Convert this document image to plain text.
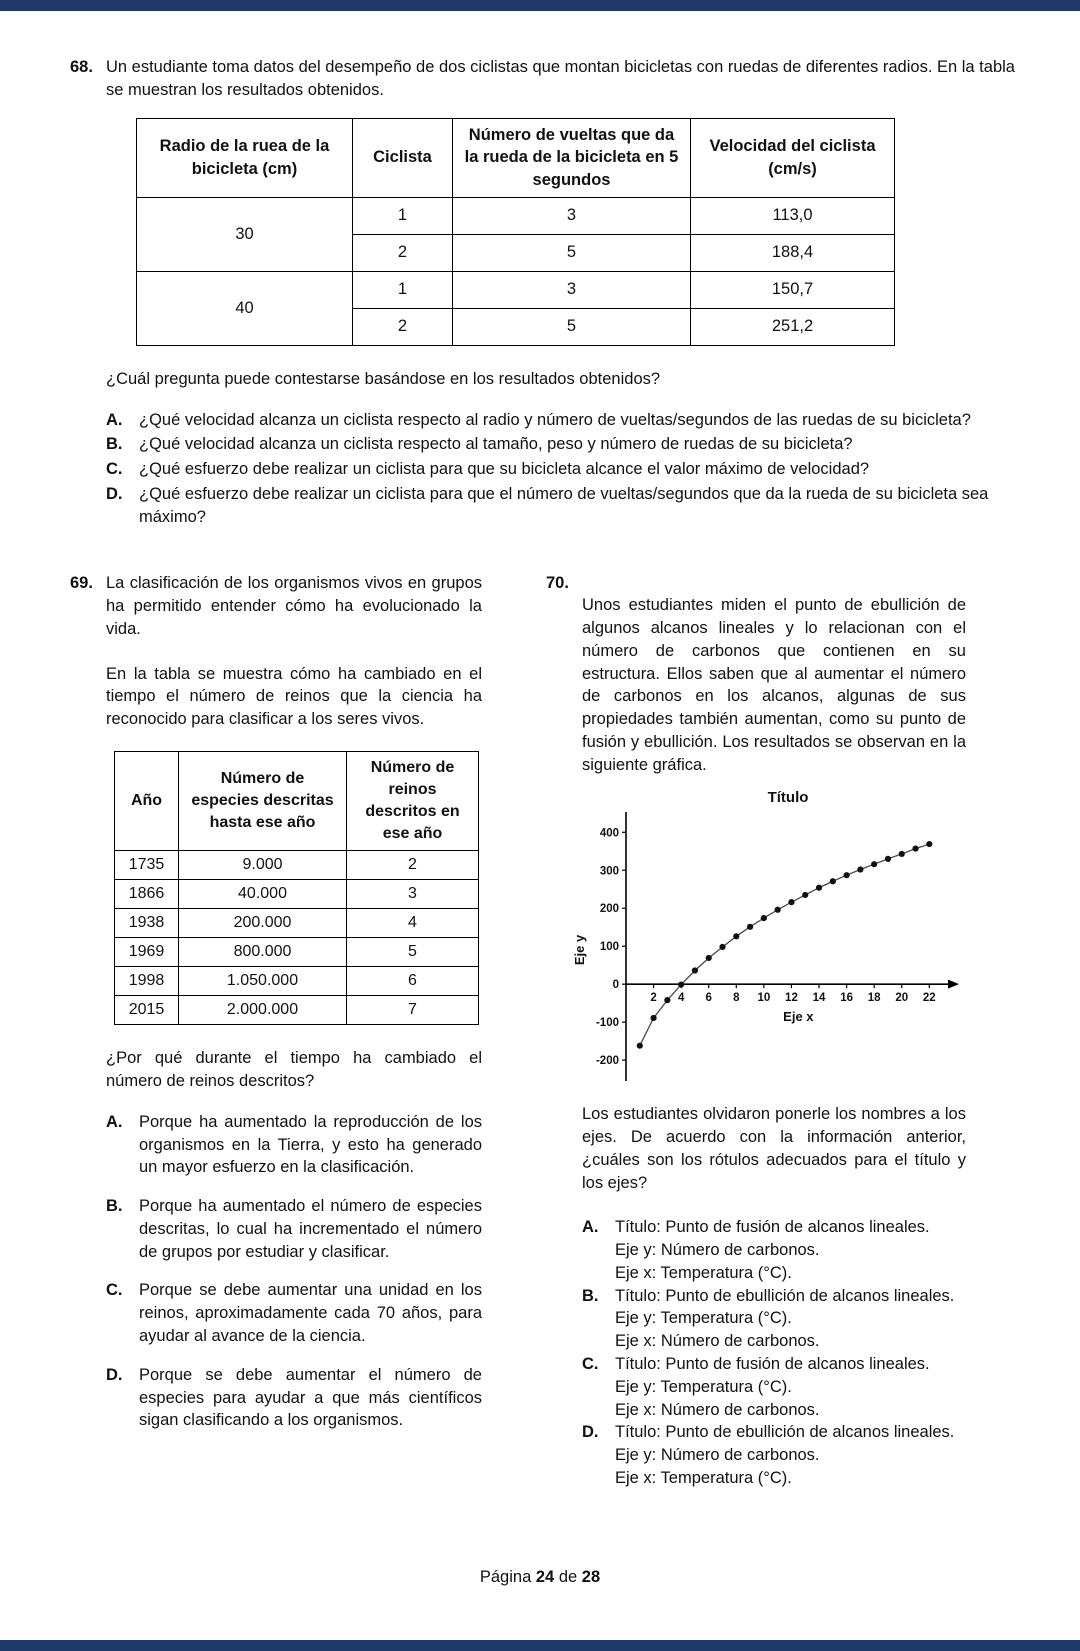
68. Un estudiante toma datos del desempeño de dos ciclistas que montan bicicletas con ruedas de diferentes radios. En la tabla se muestran los resultados obtenidos.

Radio de la ruea de la bicicleta (cm)	Ciclista	Número de vueltas que da la rueda de la bicicleta en 5 segundos	Velocidad del ciclista (cm/s)
30	1	3	113,0
	2	5	188,4
40	1	3	150,7
	2	5	251,2

¿Cuál pregunta puede contestarse basándose en los resultados obtenidos?

A. ¿Qué velocidad alcanza un ciclista respecto al radio y número de vueltas/segundos de las ruedas de su bicicleta?

B. ¿Qué velocidad alcanza un ciclista respecto al tamaño, peso y número de ruedas de su bicicleta?

C. ¿Qué esfuerzo debe realizar un ciclista para que su bicicleta alcance el valor máximo de velocidad?

D. ¿Qué esfuerzo debe realizar un ciclista para que el número de vueltas/segundos que da la rueda de su bicicleta sea máximo?

69. La clasificación de los organismos vivos en grupos ha permitido entender cómo ha evolucionado la vida.

En la tabla se muestra cómo ha cambiado en el tiempo el número de reinos que la ciencia ha reconocido para clasificar a los seres vivos.

Año	Número de especies descritas hasta ese año	Número de reinos descritos en ese año
1735	9.000	2
1866	40.000	3
1938	200.000	4
1969	800.000	5
1998	1.050.000	6
2015	2.000.000	7

¿Por qué durante el tiempo ha cambiado el número de reinos descritos?

A. Porque ha aumentado la reproducción de los organismos en la Tierra, y esto ha generado un mayor esfuerzo en la clasificación.

B. Porque ha aumentado el número de especies descritas, lo cual ha incrementado el número de grupos por estudiar y clasificar.

C. Porque se debe aumentar una unidad en los reinos, aproximadamente cada 70 años, para ayudar al avance de la ciencia.

D. Porque se debe aumentar el número de especies para ayudar a que más científicos sigan clasificando a los organismos.

70.

Unos estudiantes miden el punto de ebullición de algunos alcanos lineales y lo relacionan con el número de carbonos que contienen en su estructura. Ellos saben que al aumentar el número de carbonos en los alcanos, algunas de sus propiedades también aumentan, como su punto de fusión y ebullición. Los resultados se observan en la siguiente gráfica.

Título
-200
-100
0
100
200
300
400
2 4 6 8 10 12 14 16 18 20 22
Eje x
Eje y

Los estudiantes olvidaron ponerle los nombres a los ejes. De acuerdo con la información anterior, ¿cuáles son los rótulos adecuados para el título y los ejes?

A. Título: Punto de fusión de alcanos lineales.

Eje y: Número de carbonos.

Eje x: Temperatura (°C).

B. Título: Punto de ebullición de alcanos lineales.

Eje y: Temperatura (°C).

Eje x: Número de carbonos.

C. Título: Punto de fusión de alcanos lineales.

Eje y: Temperatura (°C).

Eje x: Número de carbonos.

D. Título: Punto de ebullición de alcanos lineales.

Eje y: Número de carbonos.

Eje x: Temperatura (°C).

Página 24 de 28
